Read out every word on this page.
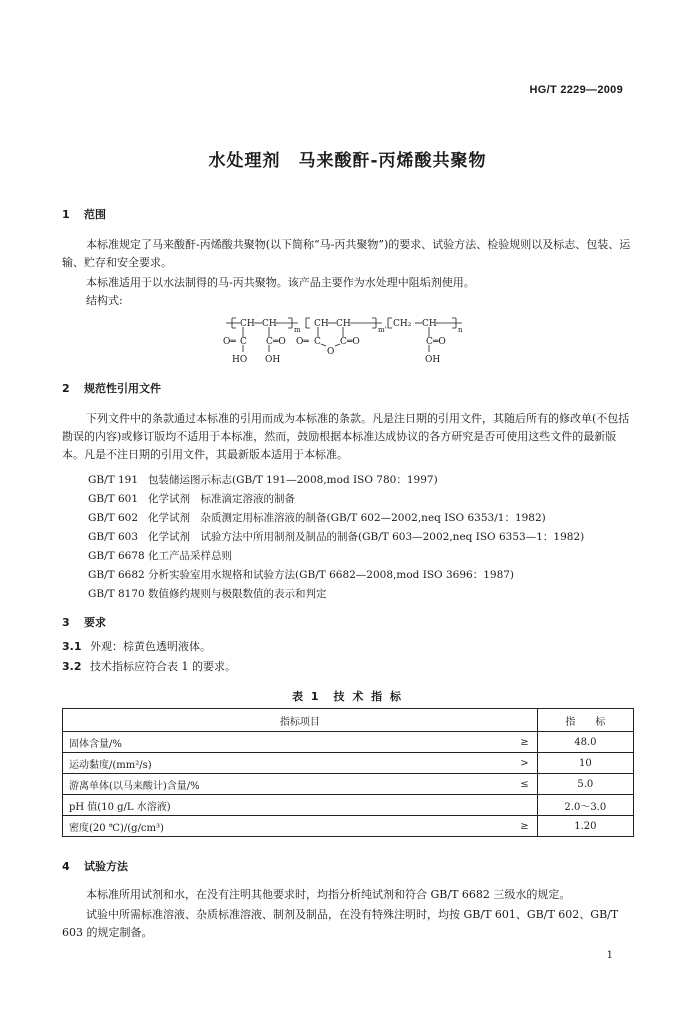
HG/T 2229—2009
水处理剂 马来酸酐-丙烯酸共聚物
1 范围
本标准规定了马来酸酐-丙烯酸共聚物(以下简称“马-丙共聚物”)的要求、试验方法、检验规则以及标志、包装、运输、贮存和安全要求。
本标准适用于以水法制得的马-丙共聚物。该产品主要作为水处理中阻垢剂使用。
结构式:
CH CH
m
O═ C C ═O
HO OH
CH CH
m'
O═ C C ═O
O
CH₂ CH
n
C ═O
OH
2 规范性引用文件
下列文件中的条款通过本标准的引用而成为本标准的条款。凡是注日期的引用文件，其随后所有的修改单(不包括勘误的内容)或修订版均不适用于本标准，然而，鼓励根据本标准达成协议的各方研究是否可使用这些文件的最新版本。凡是不注日期的引用文件，其最新版本适用于本标准。
GB/T 191 包装储运图示标志(GB/T 191—2008,mod ISO 780：1997)
GB/T 601 化学试剂　标准滴定溶液的制备
GB/T 602 化学试剂　杂质测定用标准溶液的制备(GB/T 602—2002,neq ISO 6353/1：1982)
GB/T 603 化学试剂　试验方法中所用制剂及制品的制备(GB/T 603—2002,neq ISO 6353—1：1982)
GB/T 6678 化工产品采样总则
GB/T 6682 分析实验室用水规格和试验方法(GB/T 6682—2008,mod ISO 3696：1987)
GB/T 8170 数值修约规则与极限数值的表示和判定
3 要求
3.1 外观：棕黄色透明液体。
3.2 技术指标应符合表 1 的要求。
表 1　技 术 指 标
指标项目		指　　标
固体含量/%	≥	48.0
运动黏度/(mm²/s)	>	10
游离单体(以马来酸计)含量/%	≤	5.0
pH 值(10 g/L 水溶液)		2.0～3.0
密度(20 ℃)/(g/cm³)	≥	1.20
4 试验方法
本标准所用试剂和水，在没有注明其他要求时，均指分析纯试剂和符合 GB/T 6682 三级水的规定。
试验中所需标准溶液、杂质标准溶液、制剂及制品，在没有特殊注明时，均按 GB/T 601、GB/T 602、GB/T 603 的规定制备。
1
